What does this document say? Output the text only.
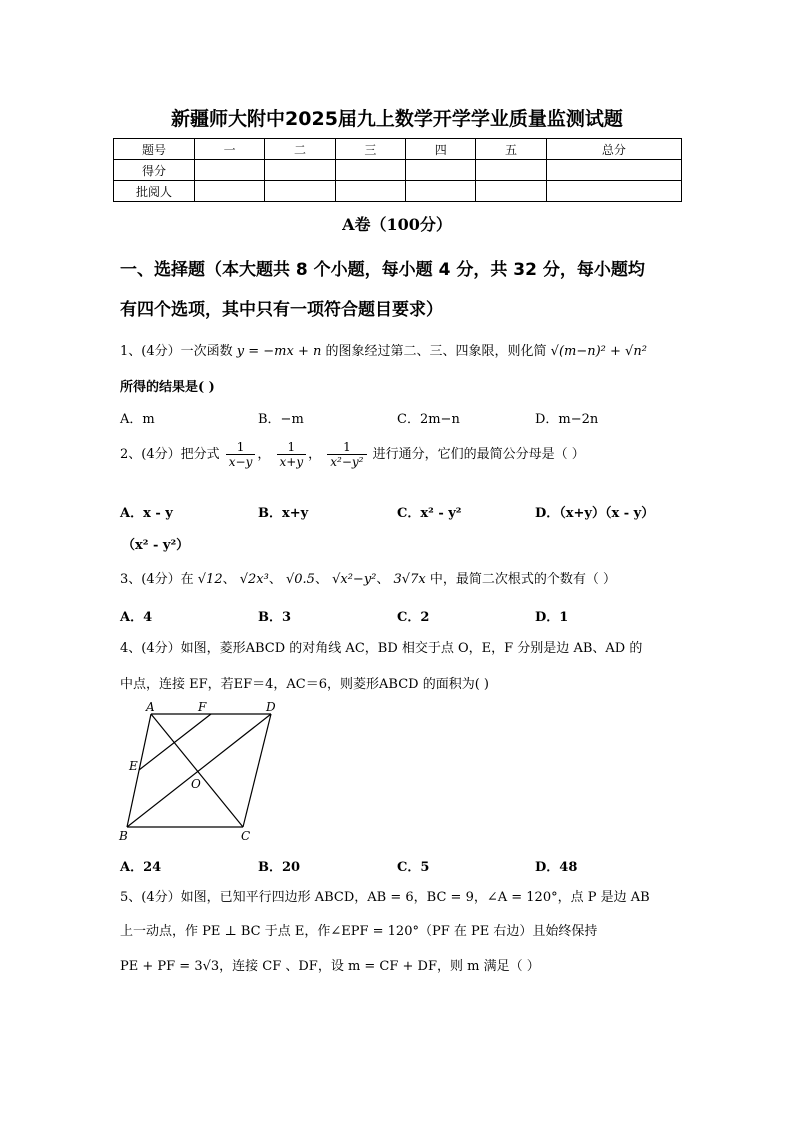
新疆师大附中2025届九上数学开学学业质量监测试题
题号	一	二	三	四	五	总分
得分						
批阅人						
A卷（100分）
一、选择题（本大题共 8 个小题，每小题 4 分，共 32 分，每小题均
有四个选项，其中只有一项符合题目要求）
1、(4分）一次函数 y = −mx + n 的图象经过第二、三、四象限，则化简 √(m−n)² + √n²
所得的结果是( )
A．m	B．−m	C．2m−n	D．m−2n
2、(4分）把分式 $\frac{1}{x-y}$ ， $\frac{1}{x+y}$ ， $\frac{1}{\text{x²−y²}}$ 进行通分，它们的最简公分母是（ ）
A．x - y	B．x+y	C．x² - y²	D．（x+y）（x - y）
（x² - y²）
3、(4分）在 √12、 √2x³、 √0.5、 √x²−y²、 3√7x 中，最简二次根式的个数有（ ）
A．4	B．3	C．2	D．1
4、(4分）如图，菱形ABCD 的对角线 AC，BD 相交于点 O，E，F 分别是边 AB、AD 的
中点，连接 EF，若EF＝4，AC＝6，则菱形ABCD 的面积为( )
A	F	D
E
O
B	C
A．24	B．20	C．5	D．48
5、(4分）如图，已知平行四边形 ABCD，AB = 6，BC = 9，∠A = 120°，点 P 是边 AB
上一动点，作 PE ⊥ BC 于点 E，作∠EPF = 120°（PF 在 PE 右边）且始终保持
PE + PF = 3√3，连接 CF 、DF，设 m = CF + DF，则 m 满足（ ）
